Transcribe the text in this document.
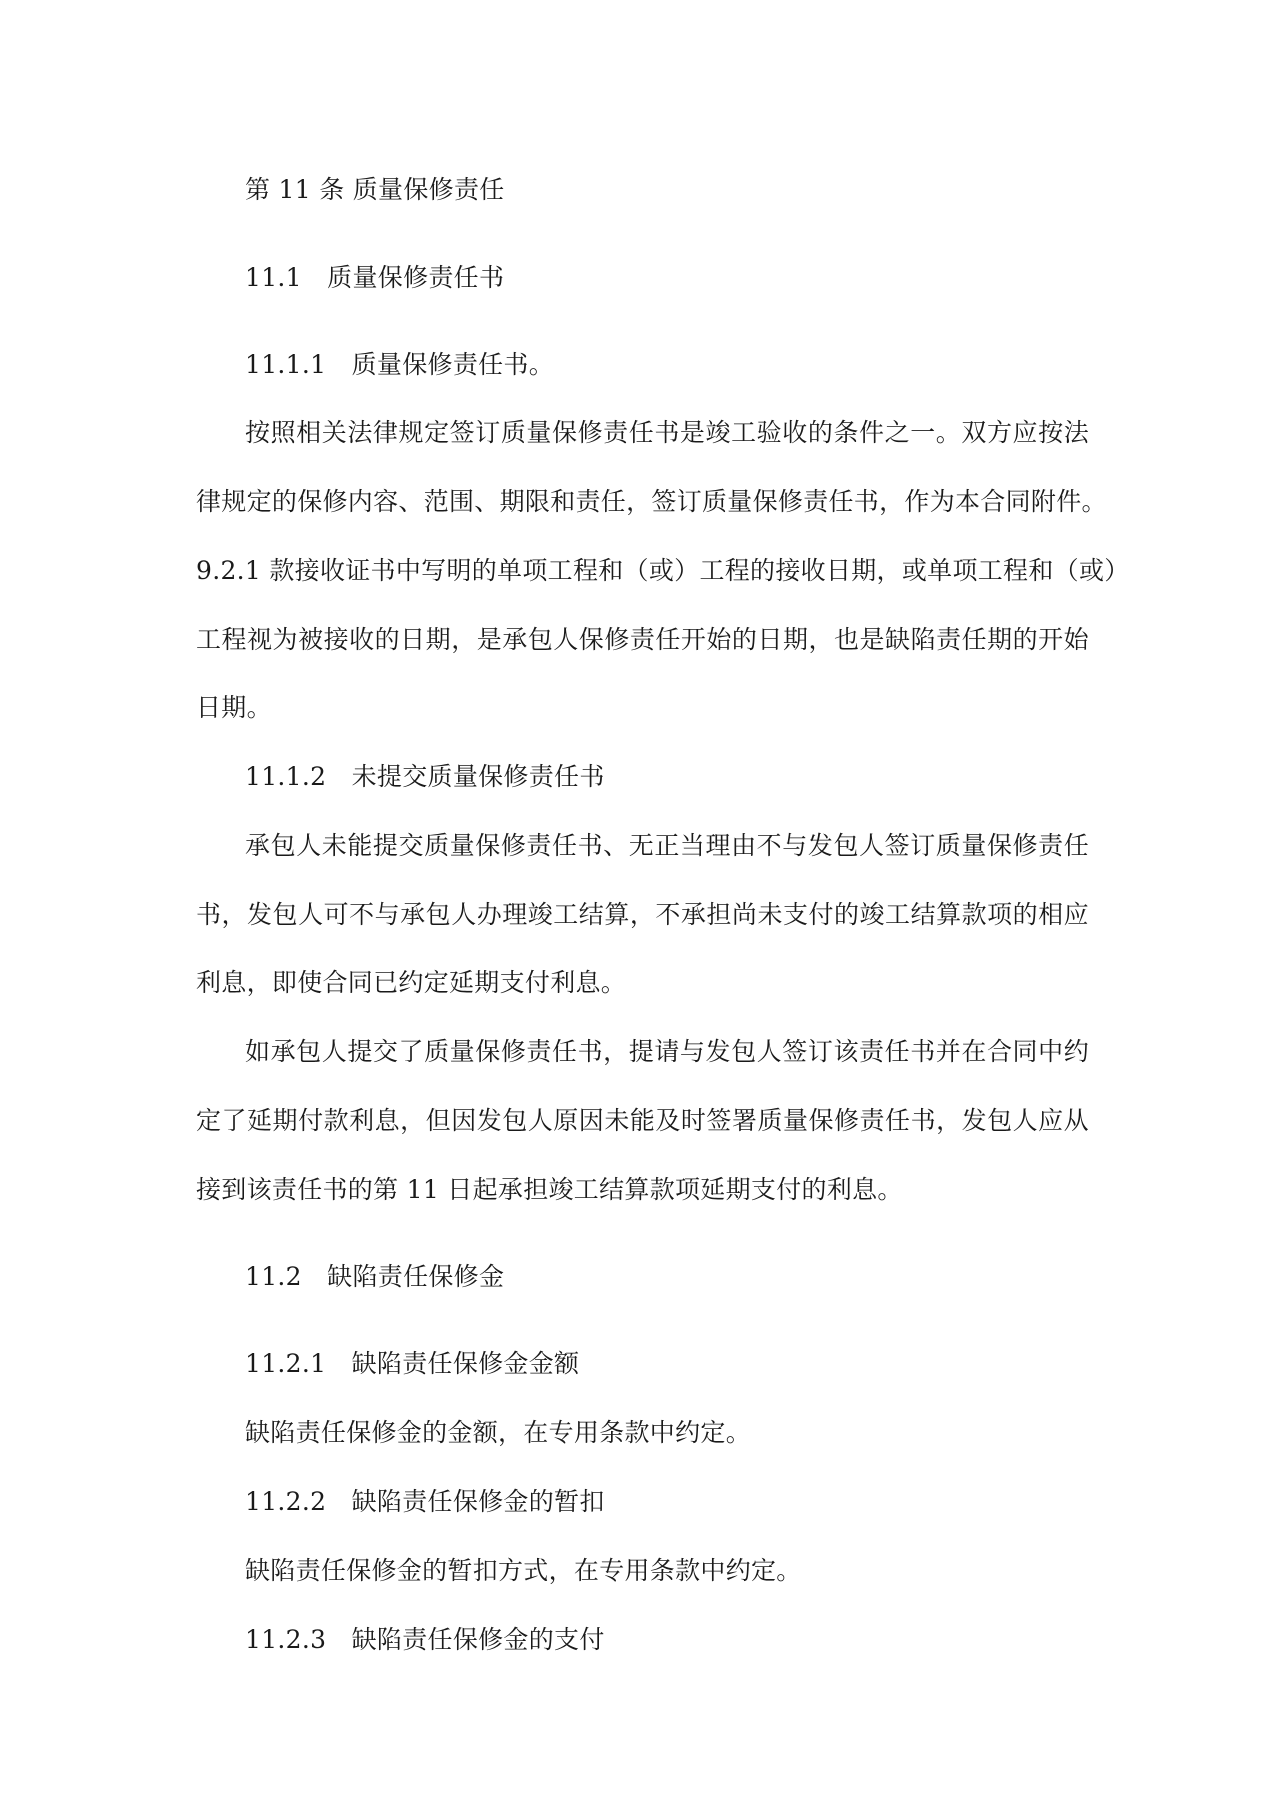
第 11 条 质量保修责任
11.1　质量保修责任书
11.1.1　质量保修责任书。
按照相关法律规定签订质量保修责任书是竣工验收的条件之一。双方应按法
律规定的保修内容、范围、期限和责任，签订质量保修责任书，作为本合同附件。
9.2.1 款接收证书中写明的单项工程和（或）工程的接收日期，或单项工程和（或）
工程视为被接收的日期，是承包人保修责任开始的日期，也是缺陷责任期的开始
日期。
11.1.2　未提交质量保修责任书
承包人未能提交质量保修责任书、无正当理由不与发包人签订质量保修责任
书，发包人可不与承包人办理竣工结算，不承担尚未支付的竣工结算款项的相应
利息，即使合同已约定延期支付利息。
如承包人提交了质量保修责任书，提请与发包人签订该责任书并在合同中约
定了延期付款利息，但因发包人原因未能及时签署质量保修责任书，发包人应从
接到该责任书的第 11 日起承担竣工结算款项延期支付的利息。
11.2　缺陷责任保修金
11.2.1　缺陷责任保修金金额
缺陷责任保修金的金额，在专用条款中约定。
11.2.2　缺陷责任保修金的暂扣
缺陷责任保修金的暂扣方式，在专用条款中约定。
11.2.3　缺陷责任保修金的支付
